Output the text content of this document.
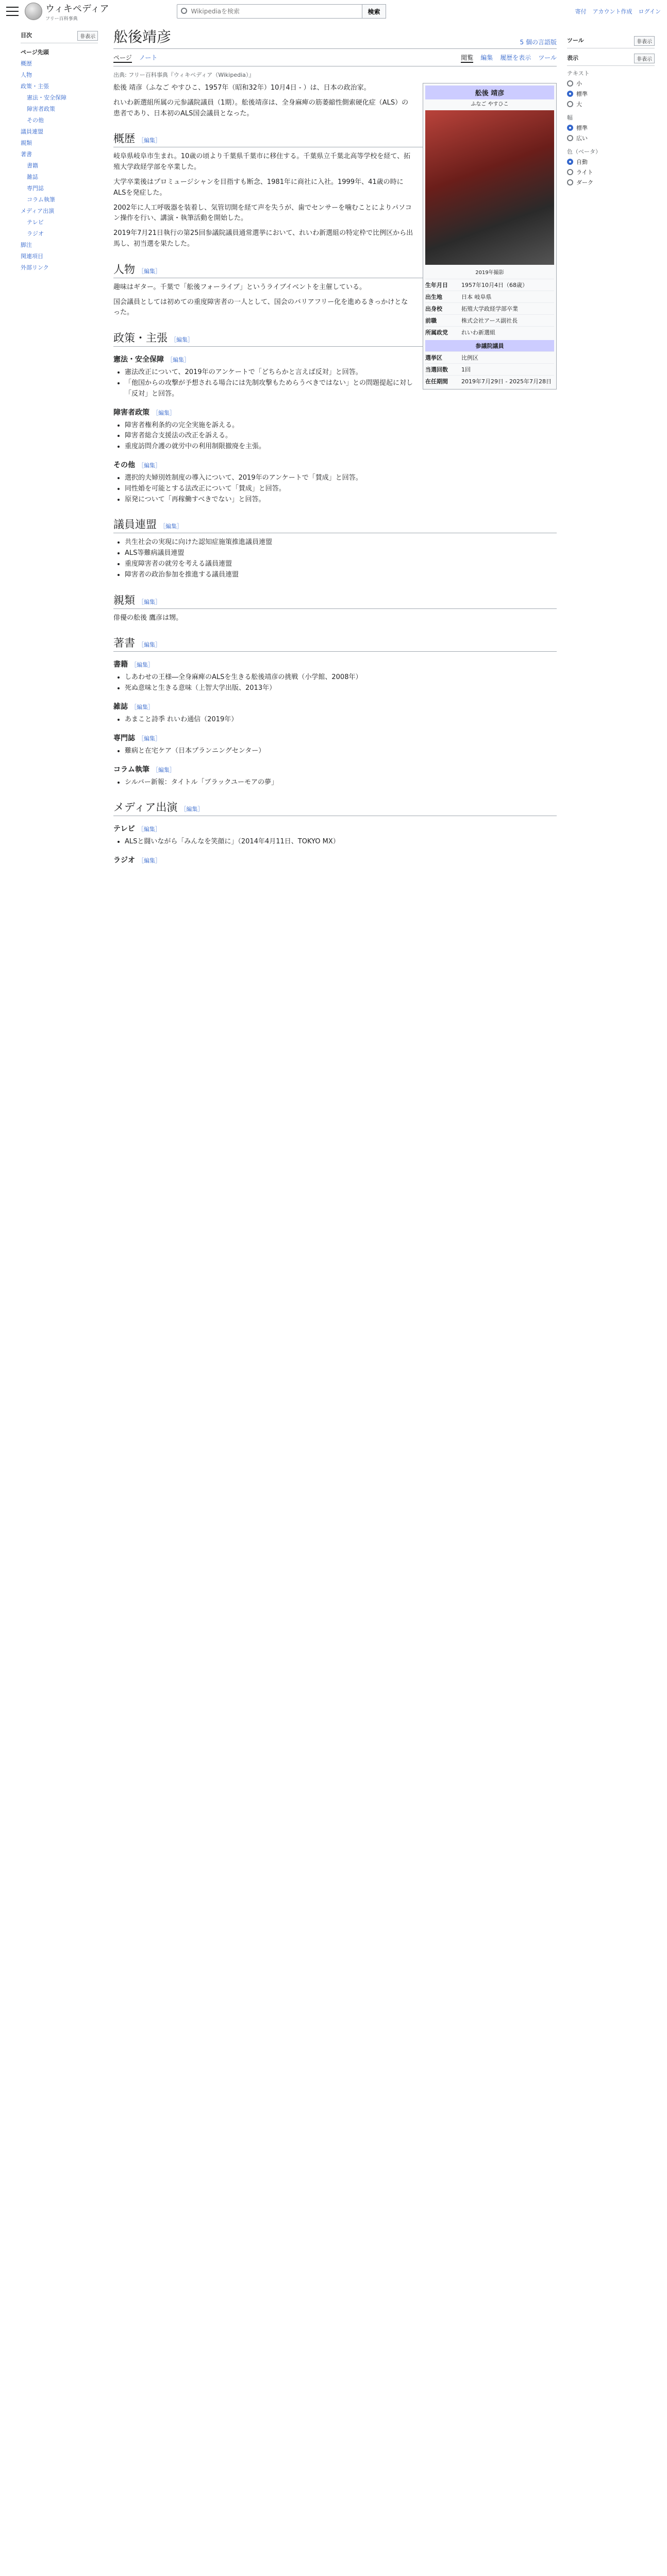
ウィキペディア
フリー百科事典
Wikipediaを検索
検索	寄付 アカウント作成 ログイン
目次	非表示
ページ先頭
概歴
人物
政策・主張
憲法・安全保障
障害者政策
その他
議員連盟
親類
著書
書籍
雑誌
専門誌
コラム執筆
メディア出演
テレビ
ラジオ
脚注
関連項目
外部リンク
舩後靖彦	5 個の言語版
ページ ノート	閲覧 編集 履歴を表示 ツール
出典: フリー百科事典『ウィキペディア（Wikipedia）』
舩後 靖彦
ふなご やすひこ
2019年撮影
生年月日	1957年10月4日（68歳）
出生地	日本 岐阜県
出身校	拓殖大学政経学部卒業
前職	株式会社アース副社長
所属政党	れいわ新選組
参議院議員
選挙区	比例区
当選回数	1回
在任期間	2019年7月29日 - 2025年7月28日

舩後 靖彦（ふなご やすひこ、1957年（昭和32年）10月4日 - ）は、日本の政治家。

れいわ新選組所属の元参議院議員（1期）。舩後靖彦は、全身麻痺の筋萎縮性側索硬化症（ALS）の患者であり、日本初のALS国会議員となった。

概歴 ［編集］

岐阜県岐阜市生まれ。10歳の頃より千葉県千葉市に移住する。千葉県立千葉北高等学校を経て、拓殖大学政経学部を卒業した。

大学卒業後はプロミュージシャンを目指すも断念、1981年に商社に入社。1999年、41歳の時にALSを発症した。

2002年に人工呼吸器を装着し、気管切開を経て声を失うが、歯でセンサーを噛むことによりパソコン操作を行い、講演・執筆活動を開始した。

2019年7月21日執行の第25回参議院議員通常選挙において、れいわ新選組の特定枠で比例区から出馬し、初当選を果たした。

人物 ［編集］

趣味はギター。千葉で「舩後フォーライブ」というライブイベントを主催している。

国会議員としては初めての重度障害者の一人として、国会のバリアフリー化を進めるきっかけとなった。

政策・主張 ［編集］
憲法・安全保障 ［編集］
• 憲法改正について、2019年のアンケートで「どちらかと言えば反対」と回答。
• 「他国からの攻撃が予想される場合には先制攻撃もためらうべきではない」との問題提起に対し「反対」と回答。
障害者政策 ［編集］
• 障害者権利条約の完全実施を訴える。
• 障害者総合支援法の改正を訴える。
• 重度訪問介護の就労中の利用制限撤廃を主張。
その他 ［編集］
• 選択的夫婦別姓制度の導入について、2019年のアンケートで「賛成」と回答。
• 同性婚を可能とする法改正について「賛成」と回答。
• 原発について「再稼働すべきでない」と回答。
議員連盟 ［編集］
• 共生社会の実現に向けた認知症施策推進議員連盟
• ALS等難病議員連盟
• 重度障害者の就労を考える議員連盟
• 障害者の政治参加を推進する議員連盟
親類 ［編集］

俳優の舩後 鷹彦は甥。

著書 ［編集］
書籍 ［編集］
• しあわせの王様―全身麻痺のALSを生きる舩後靖彦の挑戦（小学館、2008年）
• 死ぬ意味と生きる意味（上智大学出版、2013年）
雑誌 ［編集］
• あまこと詩季 れいわ通信（2019年）
専門誌 ［編集］
• 難病と在宅ケア（日本プランニングセンター）
コラム執筆 ［編集］
• シルバー新報：タイトル「ブラックユーモアの夢」
メディア出演 ［編集］
テレビ ［編集］
• ALSと闘いながら「みんなを笑顔に」（2014年4月11日、TOKYO MX）
ラジオ ［編集］
ツール	非表示
表示	非表示
テキスト
小
標準
大
幅
標準
広い
色（ベータ）
自動
ライト
ダーク
